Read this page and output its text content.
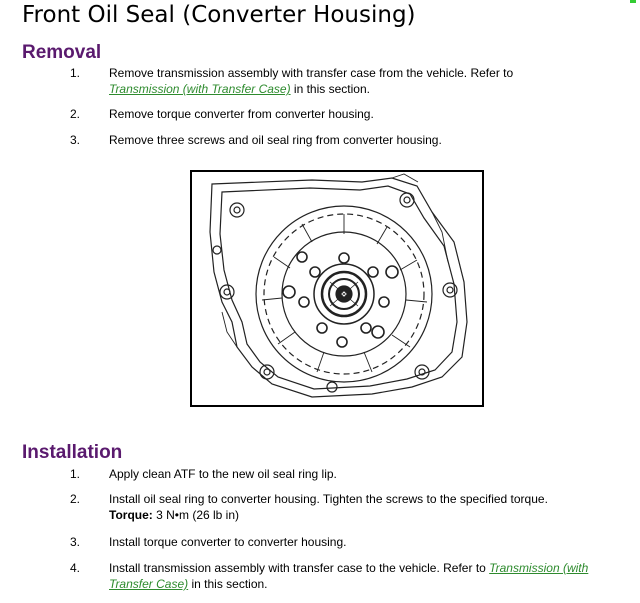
Front Oil Seal (Converter Housing)
Removal
1. Remove transmission assembly with transfer case from the vehicle. Refer to
Transmission (with Transfer Case) in this section.
2. Remove torque converter from converter housing.
3. Remove three screws and oil seal ring from converter housing.
Installation
1. Apply clean ATF to the new oil seal ring lip.
2. Install oil seal ring to converter housing. Tighten the screws to the specified torque.
Torque: 3 N•m (26 lb in)
3. Install torque converter to converter housing.
4. Install transmission assembly with transfer case to the vehicle. Refer to Transmission (with Transfer Case) in this section.
